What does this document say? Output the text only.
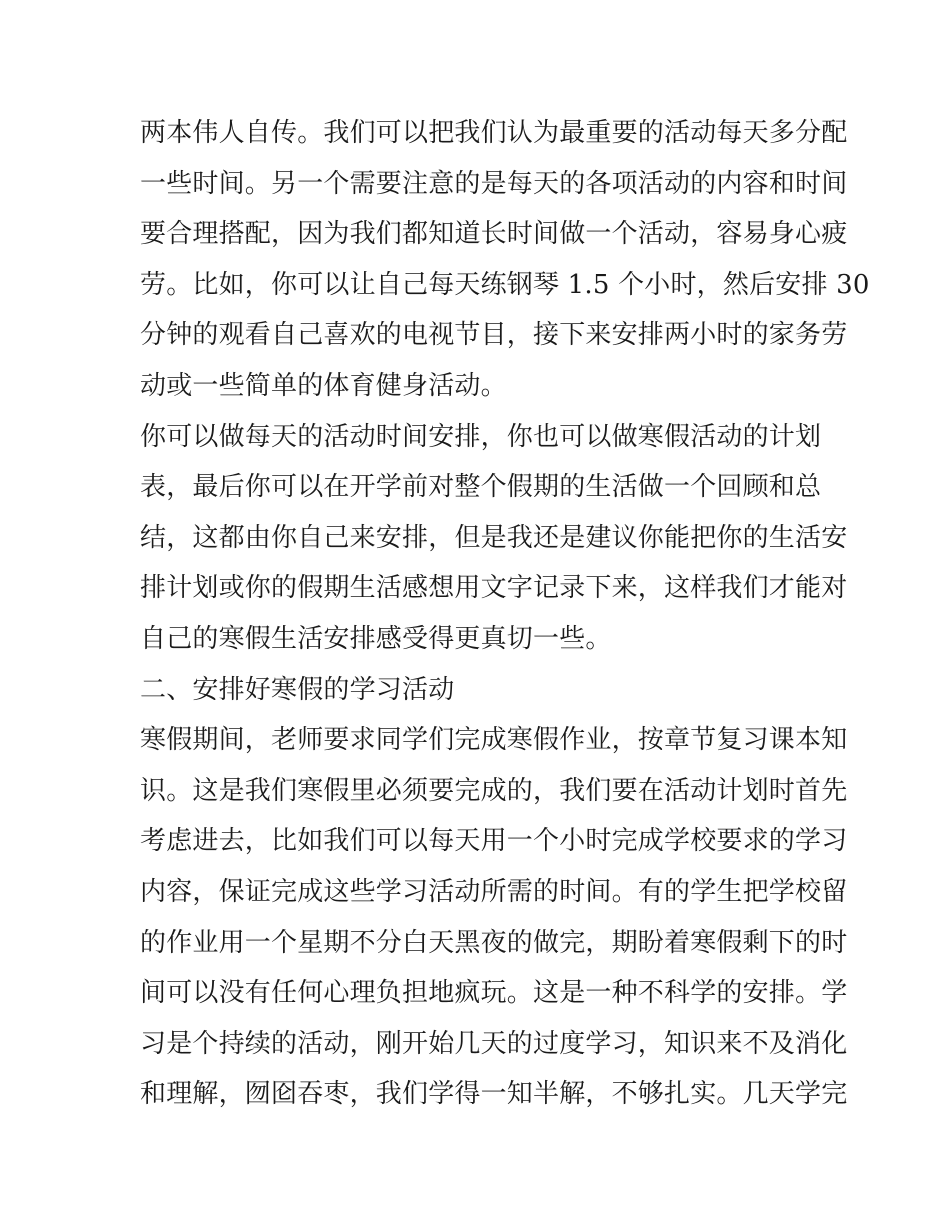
两本伟人自传。我们可以把我们认为最重要的活动每天多分配
一些时间。另一个需要注意的是每天的各项活动的内容和时间
要合理搭配，因为我们都知道长时间做一个活动，容易身心疲
劳。比如，你可以让自己每天练钢琴 1.5 个小时，然后安排 30
分钟的观看自己喜欢的电视节目，接下来安排两小时的家务劳
动或一些简单的体育健身活动。
你可以做每天的活动时间安排，你也可以做寒假活动的计划
表，最后你可以在开学前对整个假期的生活做一个回顾和总
结，这都由你自己来安排，但是我还是建议你能把你的生活安
排计划或你的假期生活感想用文字记录下来，这样我们才能对
自己的寒假生活安排感受得更真切一些。
二、安排好寒假的学习活动
寒假期间，老师要求同学们完成寒假作业，按章节复习课本知
识。这是我们寒假里必须要完成的，我们要在活动计划时首先
考虑进去，比如我们可以每天用一个小时完成学校要求的学习
内容，保证完成这些学习活动所需的时间。有的学生把学校留
的作业用一个星期不分白天黑夜的做完，期盼着寒假剩下的时
间可以没有任何心理负担地疯玩。这是一种不科学的安排。学
习是个持续的活动，刚开始几天的过度学习，知识来不及消化
和理解，囫囵吞枣，我们学得一知半解，不够扎实。几天学完
